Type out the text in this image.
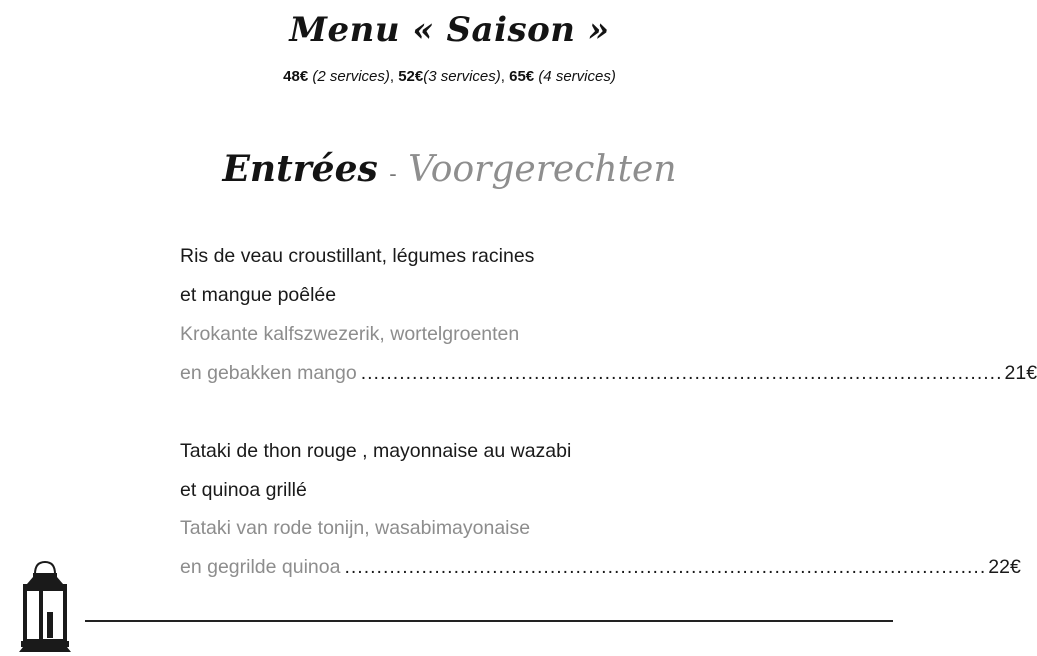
Menu « Saison »
48€ (2 services), 52€(3 services), 65€ (4 services)
Entrées - Voorgerechten
Ris de veau croustillant, légumes racines
et mangue poêlée
Krokante kalfszwezerik, wortelgroenten
en gebakken mango .................................................................................................... 21€
Tataki de thon rouge , mayonnaise au wazabi
et quinoa grillé
Tataki van rode tonijn, wasabimayonaise
en gegrilde quinoa .................................................................................................... 22€
